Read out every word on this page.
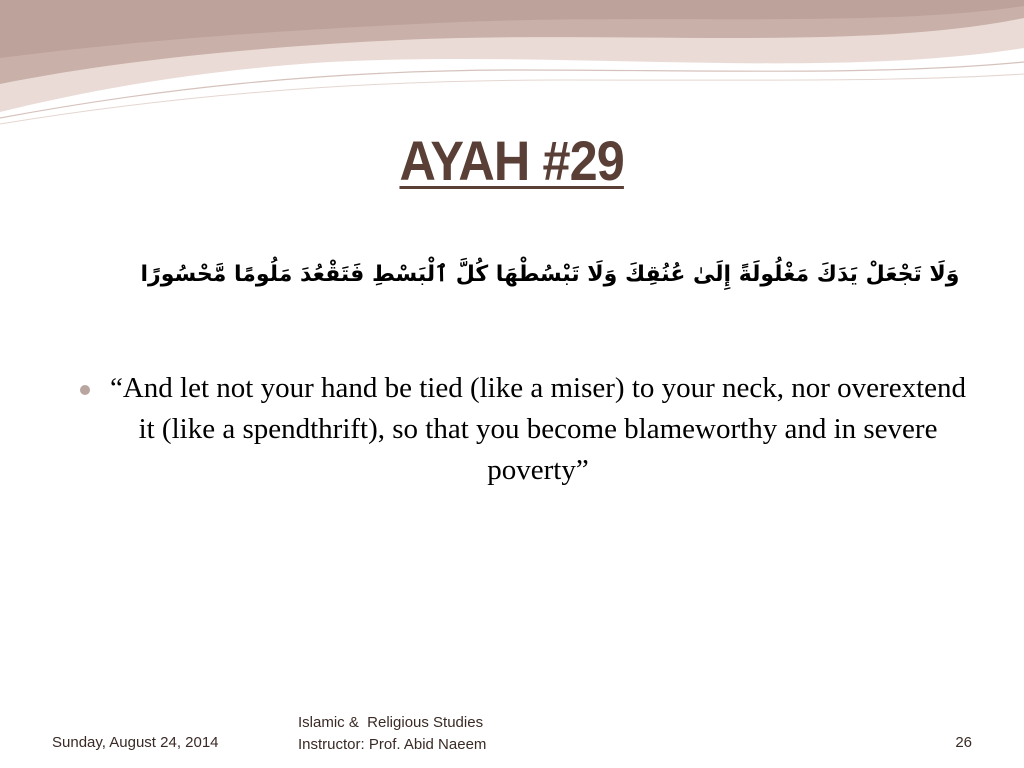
AYAH #29
وَلَا تَجْعَلْ يَدَكَ مَغْلُولَةً إِلَىٰ عُنُقِكَ وَلَا تَبْسُطْهَا كُلَّ ٱلْبَسْطِ فَتَقْعُدَ مَلُومًا مَّحْسُورًا
“And let not your hand be tied (like a miser) to your neck, nor overextend it (like a spendthrift), so that you become blameworthy and in severe poverty”
Sunday, August 24, 2014
Islamic &  Religious Studies
Instructor: Prof. Abid Naeem	26
